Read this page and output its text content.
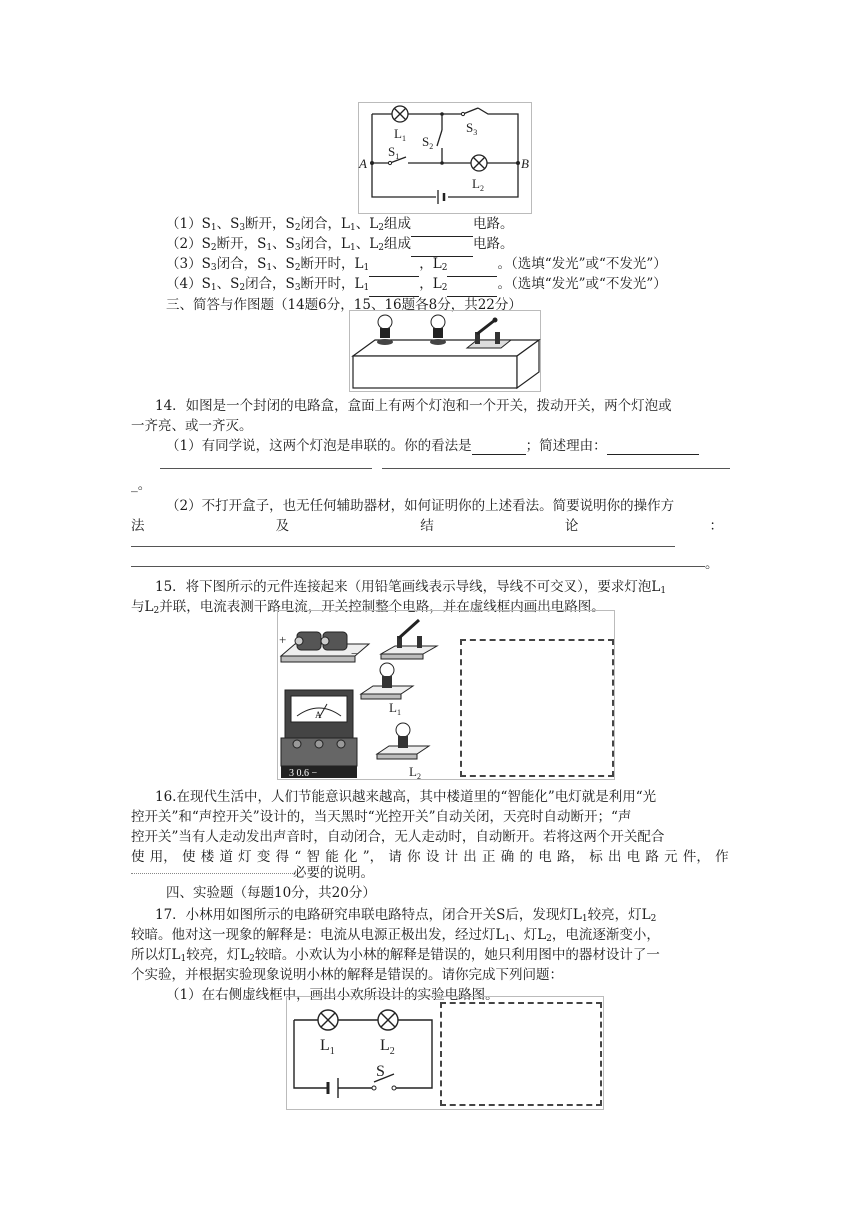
$L_1$ $S_2$
$S_3$
$S_1$
$L_2$
A	B
$(1)S_1$、$S_3$断开，$S_2$闭合，$L_1$、$L_2$组成	电路。
$(2)S_2$断开，$S_1$、$S_3$闭合，$L_1$、$L_2$组成	电路。
$(3)S_3$闭合，$S_1$、$S_2$断开时，$L_1$	，$L_2$	。（选填“发光”或“不发光”）
$(4)S_1$、$S_2$闭合，$S_3$断开时，$L_1$	，$L_2$	。（选填“发光”或“不发光”）
三、简答与作图题（14题6分，15、16题各8分，共22分）
14．如图是一个封闭的电路盒，盒面上有两个灯泡和一个开关，拨动开关，两个灯泡或
一齐亮、或一齐灭。
（1）有同学说，这两个灯泡是串联的。你的看法是	；简述理由：
_。
（2）不打开盒子，也无任何辅助器材，如何证明你的上述看法。简要说明你的操作方
法	及	结	论	：
。
15．将下图所示的元件连接起来（用铅笔画线表示导线，导线不可交叉），要求灯泡$L_1$
与$L_2$并联，电流表测干路电流，开关控制整个电路，并在虚线框内画出电路图。
+
−
$L_1$
A
3 0.6 −	$L_2$
16.在现代生活中，人们节能意识越来越高，其中楼道里的“智能化”电灯就是利用“光
控开关”和“声控开关”设计的，当天黑时“光控开关”自动关闭，天亮时自动断开；“声
控开关”当有人走动发出声音时，自动闭合，无人走动时，自动断开。若将这两个开关配合
使 用， 使 楼 道 灯 变 得 “ 智 能 化 ”， 请 你 设 计 出 正 确 的 电 路， 标 出 电 路 元 件， 作
必要的说明。
四、实验题（每题10分，共20分）
17．小林用如图所示的电路研究串联电路特点，闭合开关S后，发现灯$L_1$较亮，灯$L_2$
较暗。他对这一现象的解释是：电流从电源正极出发，经过灯$L_1$、灯$L_2$，电流逐渐变小，
所以灯$L_1$较亮，灯$L_2$较暗。小欢认为小林的解释是错误的，她只利用图中的器材设计了一
个实验，并根据实验现象说明小林的解释是错误的。请你完成下列问题：
（1）在右侧虚线框中，画出小欢所设计的实验电路图。
$L_1$	$L_2$
S
